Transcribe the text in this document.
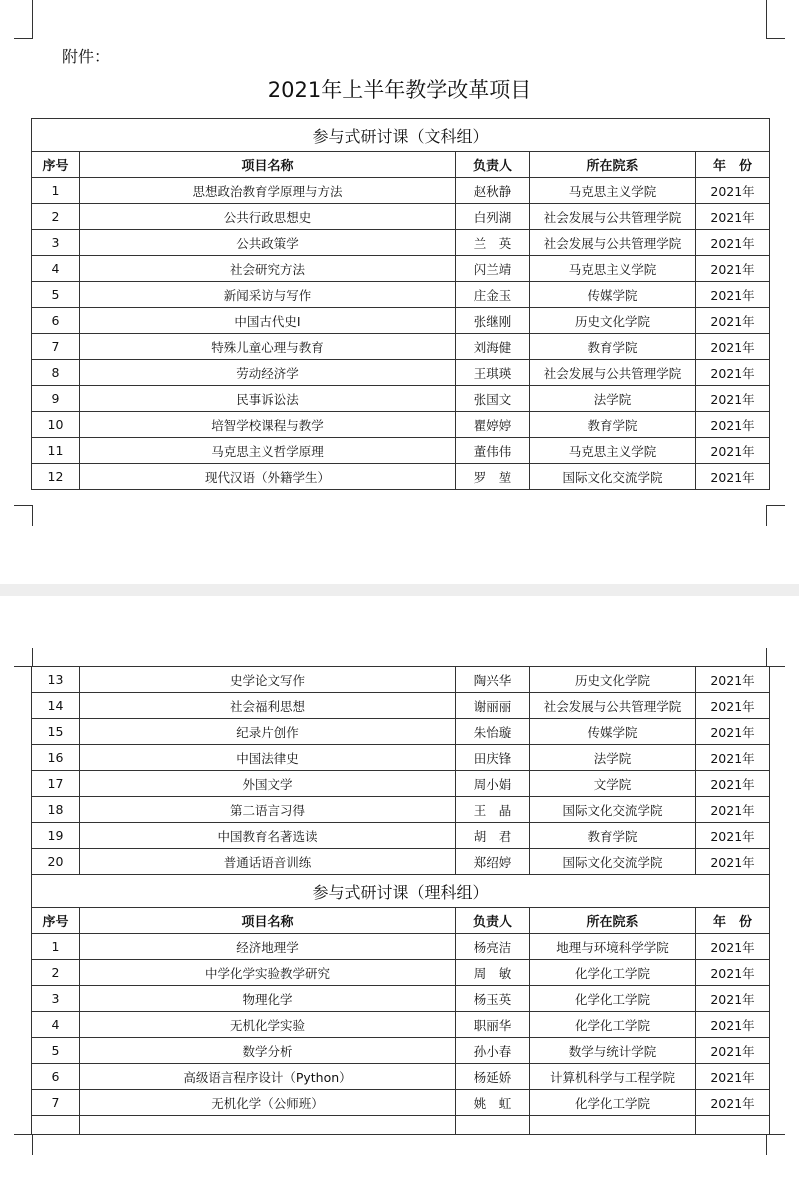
附件：
2021年上半年教学改革项目
参与式研讨课（文科组）				
序号	项目名称	负责人	所在院系	年　份
1	思想政治教育学原理与方法	赵秋静	马克思主义学院	2021年
2	公共行政思想史	白列湖	社会发展与公共管理学院	2021年
3	公共政策学	兰　英	社会发展与公共管理学院	2021年
4	社会研究方法	闪兰靖	马克思主义学院	2021年
5	新闻采访与写作	庄金玉	传媒学院	2021年
6	中国古代史I	张继刚	历史文化学院	2021年
7	特殊儿童心理与教育	刘海健	教育学院	2021年
8	劳动经济学	王琪瑛	社会发展与公共管理学院	2021年
9	民事诉讼法	张国文	法学院	2021年
10	培智学校课程与教学	瞿婷婷	教育学院	2021年
11	马克思主义哲学原理	董伟伟	马克思主义学院	2021年
12	现代汉语（外籍学生）	罗　堃	国际文化交流学院	2021年
13	史学论文写作	陶兴华	历史文化学院	2021年
14	社会福利思想	谢丽丽	社会发展与公共管理学院	2021年
15	纪录片创作	朱怡璇	传媒学院	2021年
16	中国法律史	田庆锋	法学院	2021年
17	外国文学	周小娟	文学院	2021年
18	第二语言习得	王　晶	国际文化交流学院	2021年
19	中国教育名著选读	胡　君	教育学院	2021年
20	普通话语音训练	郑绍婷	国际文化交流学院	2021年
参与式研讨课（理科组）				
序号	项目名称	负责人	所在院系	年　份
1	经济地理学	杨亮洁	地理与环境科学学院	2021年
2	中学化学实验教学研究	周　敏	化学化工学院	2021年
3	物理化学	杨玉英	化学化工学院	2021年
4	无机化学实验	职丽华	化学化工学院	2021年
5	数学分析	孙小春	数学与统计学院	2021年
6	高级语言程序设计（Python）	杨延娇	计算机科学与工程学院	2021年
7	无机化学（公师班）	姚　虹	化学化工学院	2021年
